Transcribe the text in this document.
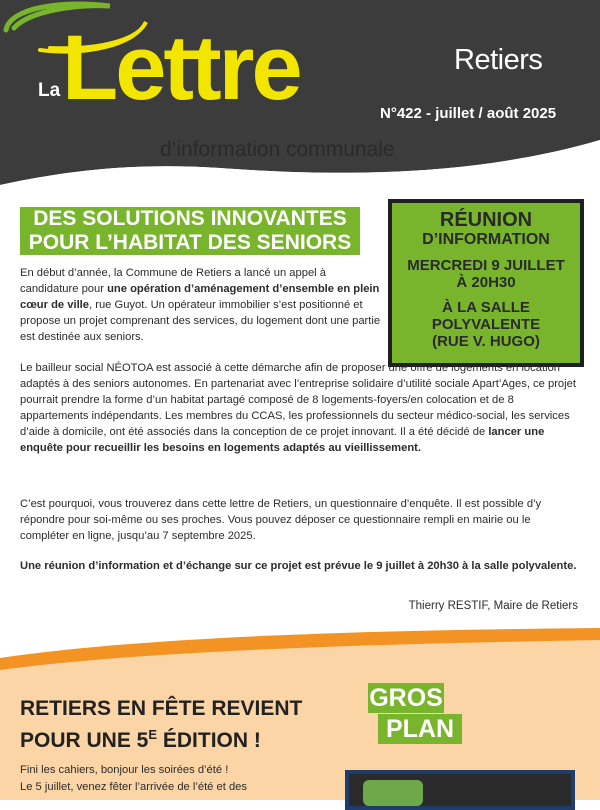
La Lettre
d’information communale
Retiers
N°422 - juillet / août 2025
DES SOLUTIONS INNOVANTES
POUR L’HABITAT DES SENIORS
RÉUNION
D’INFORMATION
MERCREDI 9 JUILLET
À 20H30
À LA SALLE
POLYVALENTE
(RUE V. HUGO)
En début d’année, la Commune de Retiers a lancé un appel à candidature pour une opération d’aménagement d’ensemble en plein cœur de ville, rue Guyot. Un opérateur immobilier s’est positionné et propose un projet comprenant des services, du logement dont une partie est destinée aux seniors.
Le bailleur social NÉOTOA est associé à cette démarche afin de proposer une offre de logements en location adaptés à des seniors autonomes. En partenariat avec l’entreprise solidaire d’utilité sociale Apart’Ages, ce projet pourrait prendre la forme d’un habitat partagé composé de 8 logements-foyers/en colocation et de 8 appartements indépendants. Les membres du CCAS, les professionnels du secteur médico-social, les services d’aide à domicile, ont été associés dans la conception de ce projet innovant. Il a été décidé de lancer une enquête pour recueillir les besoins en logements adaptés au vieillissement.
C’est pourquoi, vous trouverez dans cette lettre de Retiers, un questionnaire d’enquête. Il est possible d’y répondre pour soi-même ou ses proches. Vous pouvez déposer ce questionnaire rempli en mairie ou le compléter en ligne, jusqu’au 7 septembre 2025.
Une réunion d’information et d’échange sur ce projet est prévue le 9 juillet à 20h30 à la salle polyvalente.
Thierry RESTIF, Maire de Retiers
RETIERS EN FÊTE REVIENT
POUR UNE $5^E$ ÉDITION !
Fini les cahiers, bonjour les soirées d’été !
Le 5 juillet, venez fêter l’arrivée de l’été et des
GROS
PLAN
